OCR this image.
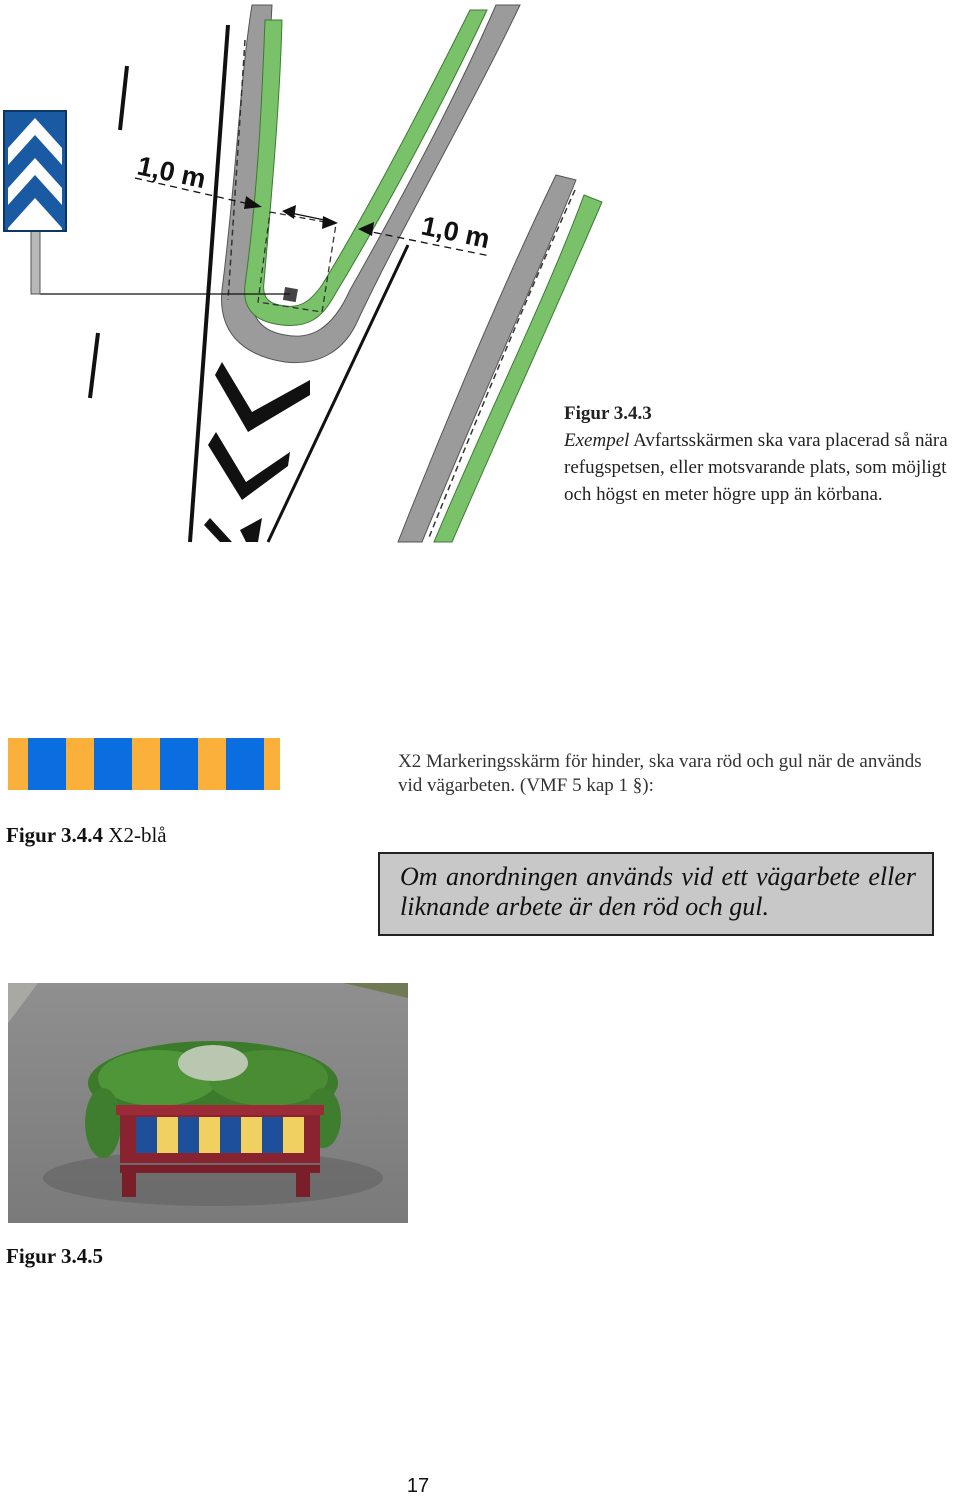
1,0 m
1,0 m
Figur 3.4.3
Exempel Avfartsskärmen ska vara placerad så nära refugspetsen, eller motsvarande plats, som möjligt och högst en meter högre upp än körbana.
X2 Markeringsskärm för hinder, ska vara röd och gul när de används vid vägarbeten. (VMF 5 kap 1 §):
Figur 3.4.4 X2-blå
Om anordningen används vid ett vägarbete eller liknande arbete är den röd och gul.
Figur 3.4.5
17
